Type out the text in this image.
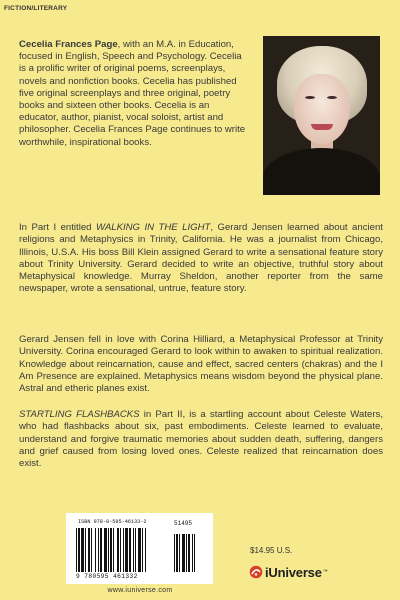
FICTION/LITERARY

Cecelia Frances Page, with an M.A. in Education, focused in English, Speech and Psychology. Cecelia is a prolific writer of original poems, screenplays, novels and nonfiction books. Cecelia has published five original screenplays and three original, poetry books and sixteen other books. Cecelia is an educator, author, pianist, vocal soloist, artist and philosopher. Cecelia Frances Page continues to write worthwhile, inspirational books.

In Part I entitled WALKING IN THE LIGHT, Gerard Jensen learned about ancient religions and Metaphysics in Trinity, California. He was a journalist from Chicago, Illinois, U.S.A. His boss Bill Klein assigned Gerard to write a sensational feature story about Trinity University. Gerard decided to write an objective, truthful story about Metaphysical knowledge. Murray Sheldon, another reporter from the same newspaper, wrote a sensational, untrue, feature story.

Gerard Jensen fell in love with Corina Hilliard, a Metaphysical Professor at Trinity University. Corina encouraged Gerard to look within to awaken to spiritual realization. Knowledge about reincarnation, cause and effect, sacred centers (chakras) and the I Am Presence are explained. Metaphysics means wisdom beyond the physical plane. Astral and etheric planes exist.

STARTLING FLASHBACKS in Part II, is a startling account about Celeste Waters, who had flashbacks about six, past embodiments. Celeste learned to evaluate, understand and forgive traumatic memories about sudden death, suffering, dangers and grief caused from losing loved ones. Celeste realized that reincarnation does exist.

ISBN 978-0-595-46133-2	51495
9 780595 461332
www.iuniverse.com
$14.95 U.S.
iUniverse ™
